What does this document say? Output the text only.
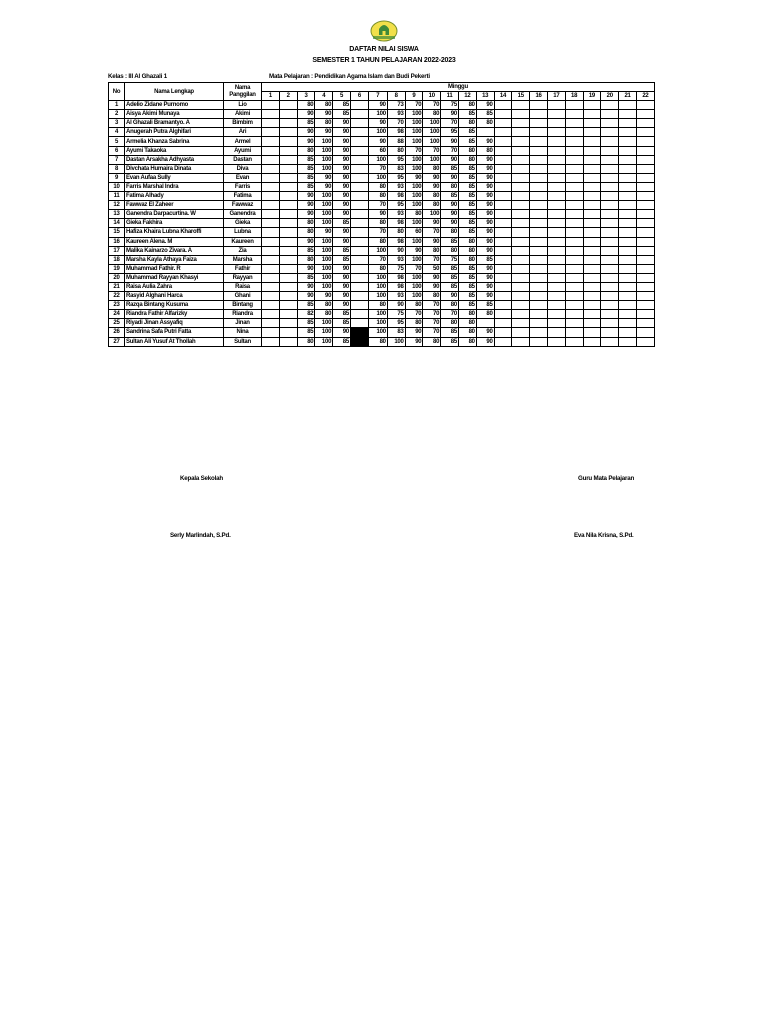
DAFTAR NILAI SISWA
SEMESTER 1 TAHUN PELAJARAN 2022-2023
Kelas : III Al Ghazali 1	Mata Pelajaran : Pendidikan Agama Islam dan Budi Pekerti
No	Nama Lengkap	Nama Panggilan	Minggu																					
			1	2	3	4	5	6	7	8	9	10	11	12	13	14	15	16	17	18	19	20	21	22
1	Adelio Zidane Purnomo	Lio			80	80	85		90	73	70	70	75	80	90									
2	Aisya Akimi Munaya	Akimi			90	90	85		100	93	100	80	90	85	85									
3	Al Ghazali Bramantyo. A	Bimbim			85	80	90		90	70	100	100	70	80	80									
4	Anugerah Putra Alghifari	Ari			90	90	90		100	98	100	100	95	85										
5	Armelia Khanza Sabrina	Armel			90	100	90		90	88	100	100	90	85	90									
6	Ayumi Takaoka	Ayumi			80	100	90		60	80	70	70	70	80	80									
7	Dastan Arsakha Adhyasta	Dastan			85	100	90		100	95	100	100	90	80	90									
8	Divchata Humaira Dinata	Diva			85	100	90		70	83	100	80	85	85	90									
9	Evan Aufaa Sully	Evan			85	90	90		100	95	90	90	90	85	90									
10	Farris Marshal Indra	Farris			85	90	90		80	93	100	90	80	85	90									
11	Fatima Alhady	Fatima			90	100	90		80	98	100	80	85	85	90									
12	Fawwaz El Zaheer	Fawwaz			90	100	90		70	95	100	80	90	85	90									
13	Ganendra Darpacurtina. W	Ganendra			90	100	90		90	93	80	100	90	85	90									
14	Gieka Fakhira	Gieka			80	100	85		80	98	100	90	90	85	90									
15	Hafiza Khaira Lubna Kharoffi	Lubna			80	90	90		70	80	60	70	80	85	90									
16	Kaureen Alena. M	Kaureen			90	100	90		80	98	100	90	85	80	90									
17	Malika Kainarzo Zivara. A	Zia			85	100	85		100	90	90	80	80	80	90									
18	Marsha Kayla Athaya Faiza	Marsha			80	100	85		70	93	100	70	75	80	85									
19	Muhammad Fathir. R	Fathir			90	100	90		80	75	70	50	85	85	90									
20	Muhammad Rayyan Khasyi	Rayyan			85	100	90		100	98	100	90	85	85	90									
21	Raisa Aulia Zahra	Raisa			90	100	90		100	98	100	90	85	85	90									
22	Rasyid Alghani Harca	Ghani			90	90	90		100	93	100	80	90	85	90									
23	Razqa Bintang Kusuma	Bintang			85	80	90		80	90	80	70	80	85	85									
24	Riandra Fathir Alfarizky	Riandra			82	80	85		100	75	70	70	70	80	80									
25	Riyadi Jinan Assyafiq	Jinan			85	100	85		100	95	80	70	80	80										
26	Sandrina Safa Putri Fatta	Nina			85	100	90		100	83	90	70	85	80	90									
27	Sultan Ali Yusuf At Thollah	Sultan			80	100	85		80	100	90	80	85	80	90									
Kepala Sekolah	Guru Mata Pelajaran
Serly Marlindah, S.Pd.	Eva Nila Krisna, S.Pd.
